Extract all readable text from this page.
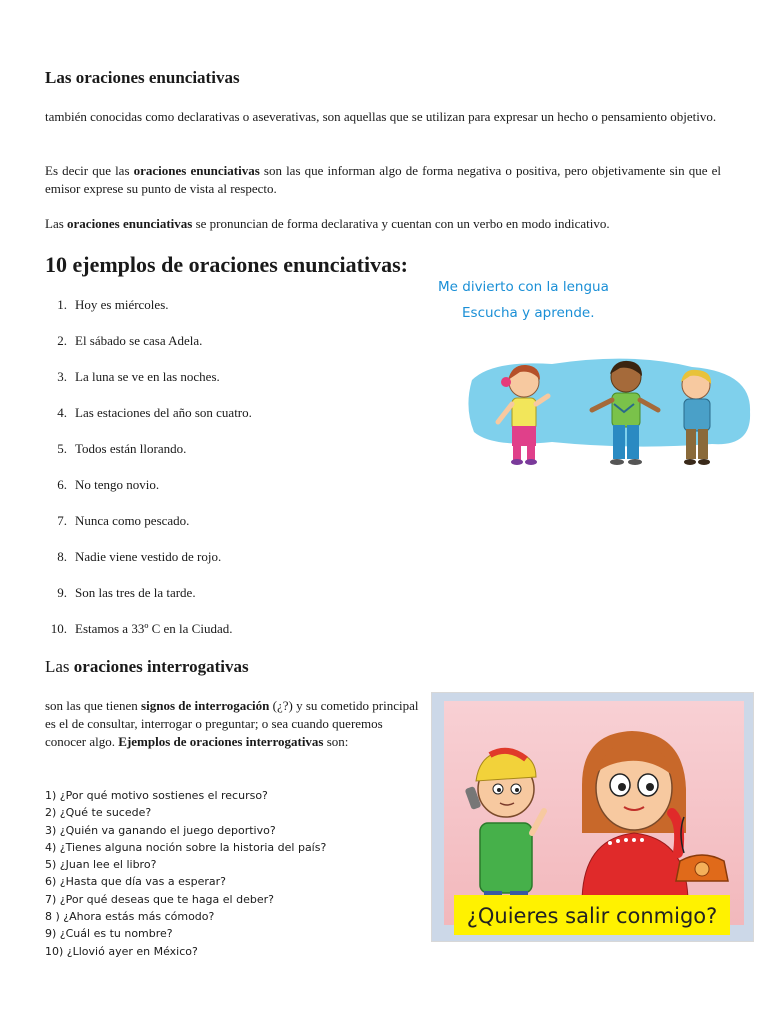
Las oraciones enunciativas

también conocidas como declarativas o aseverativas, son aquellas que se utilizan para expresar un hecho o pensamiento objetivo.

Es decir que las oraciones enunciativas son las que informan algo de forma negativa o positiva, pero objetivamente sin que el emisor exprese su punto de vista al respecto.

Las oraciones enunciativas se pronuncian de forma declarativa y cuentan con un verbo en modo indicativo.

10 ejemplos de oraciones enunciativas:
1. Hoy es miércoles.
2. El sábado se casa Adela.
3. La luna se ve en las noches.
4. Las estaciones del año son cuatro.
5. Todos están llorando.
6. No tengo novio.
7. Nunca como pescado.
8. Nadie viene vestido de rojo.
9. Son las tres de la tarde.
10. Estamos a 33º C en la Ciudad.
Me divierto con la lengua
Escucha y aprende.
Las oraciones interrogativas

son las que tienen signos de interrogación (¿?) y su cometido principal es el de consultar, interrogar o preguntar; o sea cuando queremos conocer algo. Ejemplos de oraciones interrogativas son:

1) ¿Por qué motivo sostienes el recurso?
2) ¿Qué te sucede?
3) ¿Quién va ganando el juego deportivo?
4) ¿Tienes alguna noción sobre la historia del país?
5) ¿Juan lee el libro?
6) ¿Hasta que día vas a esperar?
7) ¿Por qué deseas que te haga el deber?
8 ) ¿Ahora estás más cómodo?
9) ¿Cuál es tu nombre?
10) ¿Llovió ayer en México?
¿Quieres salir conmigo?
